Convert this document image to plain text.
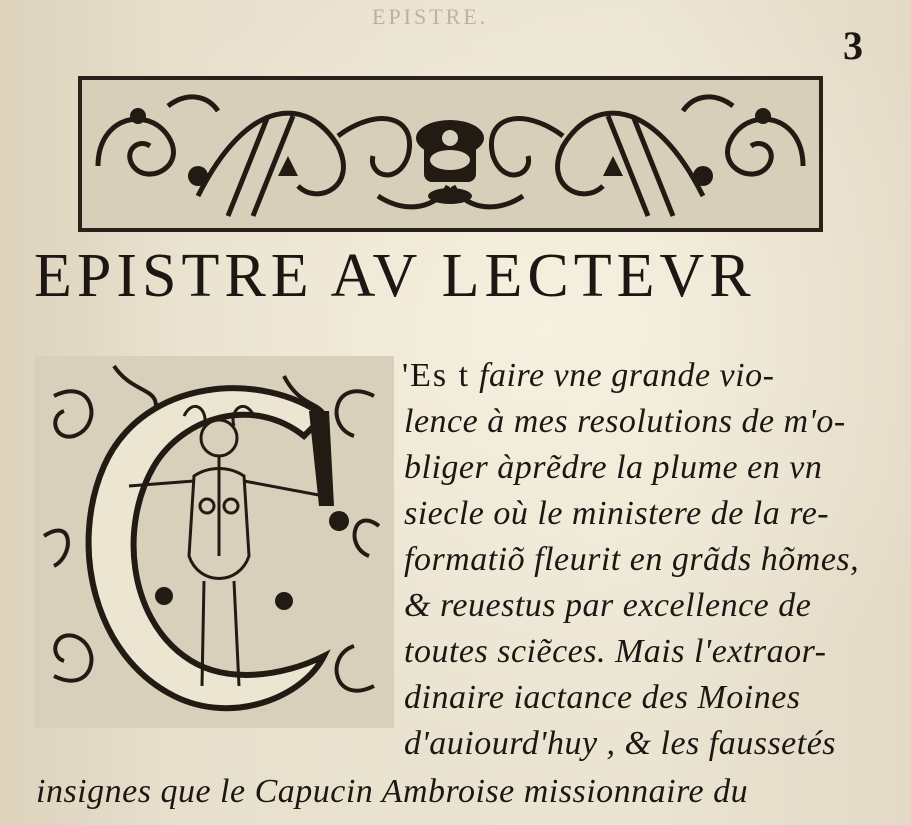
EPISTRE.
3
EPISTRE AV LECTEVR
'Es t faire vne grande vio-
lence à mes resolutions de m'o-
bliger àprẽdre la plume en vn
siecle où le ministere de la re-
formatiõ fleurit en grãds hõmes,
& reuestus par excellence de
toutes sciẽces. Mais l'extraor-
dinaire iactance des Moines
d'auiourd'huy , & les faussetés
insignes que le Capucin Ambroise missionnaire du
